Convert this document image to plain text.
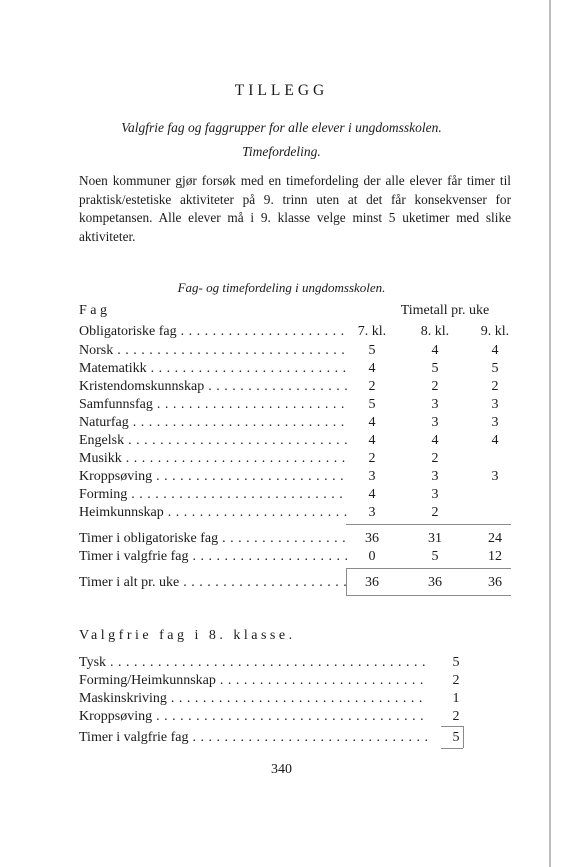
TILLEGG
Valgfrie fag og faggrupper for alle elever i ungdomsskolen.
Timefordeling.
Noen kommuner gjør forsøk med en timefordeling der alle elever får timer til praktisk/estetiske aktiviteter på 9. trinn uten at det får konsekvenser for kompetansen. Alle elever må i 9. klasse velge minst 5 uketimer med slike aktiviteter.
Fag- og timefordeling i ungdomsskolen.
Fag	Timetall pr. uke
Obligatoriske fag . . .	7. kl.	8. kl.	9. kl.
Norsk . . .	5	4	4
Matematikk . . .	4	5	5
Kristendomskunnskap . . .	2	2	2
Samfunnsfag . . .	5	3	3
Naturfag . . .	4	3	3
Engelsk . . .	4	4	4
Musikk . . .	2	2
Kroppsøving . . .	3	3	3
Forming . . .	4	3
Heimkunnskap . . .	3	2
Timer i obligatoriske fag . . .	36	31	24
Timer i valgfrie fag . . .	0	5	12
Timer i alt pr. uke . . .	36	36	36
Valgfrie fag i 8. klasse.
Tysk . . .	5
Forming/Heimkunnskap . . .	2
Maskinskriving . . .	1
Kroppsøving . . .	2
Timer i valgfrie fag . . .	5
340
